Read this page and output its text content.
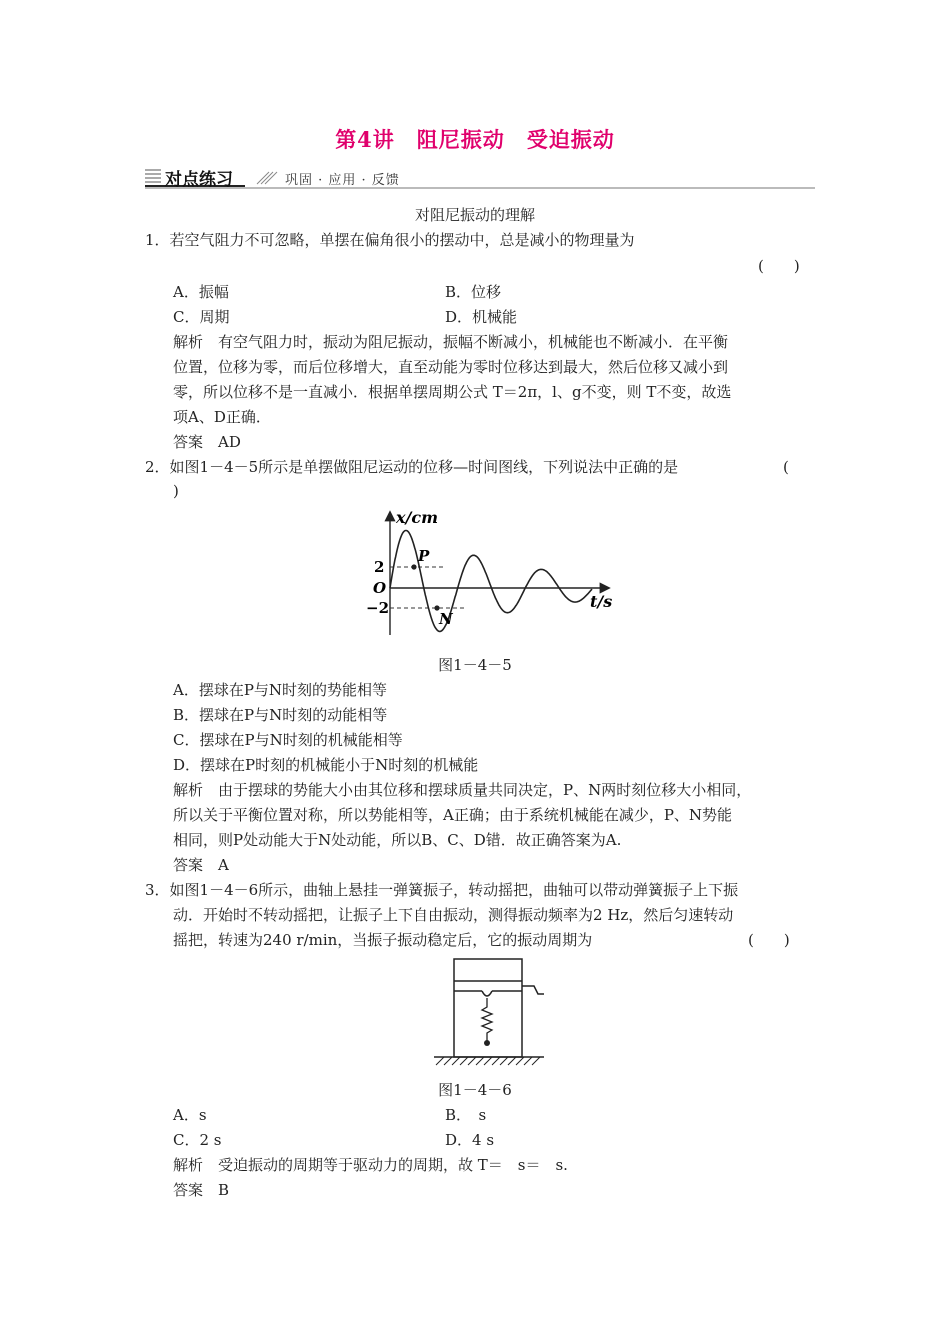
第4讲　阻尼振动　受迫振动
对点练习	巩固 · 应用 · 反馈
对阻尼振动的理解
1．若空气阻力不可忽略，单摆在偏角很小的摆动中，总是减小的物理量为
(　　)
A．振幅	B．位移
C．周期	D．机械能
解析　有空气阻力时，振动为阻尼振动，振幅不断减小，机械能也不断减小．在平衡
位置，位移为零，而后位移增大，直至动能为零时位移达到最大，然后位移又减小到
零，所以位移不是一直减小．根据单摆周期公式 T＝2π，l、g不变，则 T不变，故选
项A、D正确．
答案　AD
2．如图1－4－5所示是单摆做阻尼运动的位移—时间图线，下列说法中正确的是	(
)
x/cm
t/s
2
−2
O
P
N
图1－4－5
A．摆球在P与N时刻的势能相等
B．摆球在P与N时刻的动能相等
C．摆球在P与N时刻的机械能相等
D．摆球在P时刻的机械能小于N时刻的机械能
解析　由于摆球的势能大小由其位移和摆球质量共同决定，P、N两时刻位移大小相同，
所以关于平衡位置对称，所以势能相等，A正确；由于系统机械能在减少，P、N势能
相同，则P处动能大于N处动能，所以B、C、D错．故正确答案为A.
答案　A
3．如图1－4－6所示，曲轴上悬挂一弹簧振子，转动摇把，曲轴可以带动弹簧振子上下振
动．开始时不转动摇把，让振子上下自由振动，测得振动频率为2 Hz，然后匀速转动
摇把，转速为240 r/min，当振子振动稳定后，它的振动周期为	(　　)
图1－4－6
A．s	B．　s
C．2 s	D．4 s
解析　受迫振动的周期等于驱动力的周期，故 T＝　s＝　s.
答案　B
